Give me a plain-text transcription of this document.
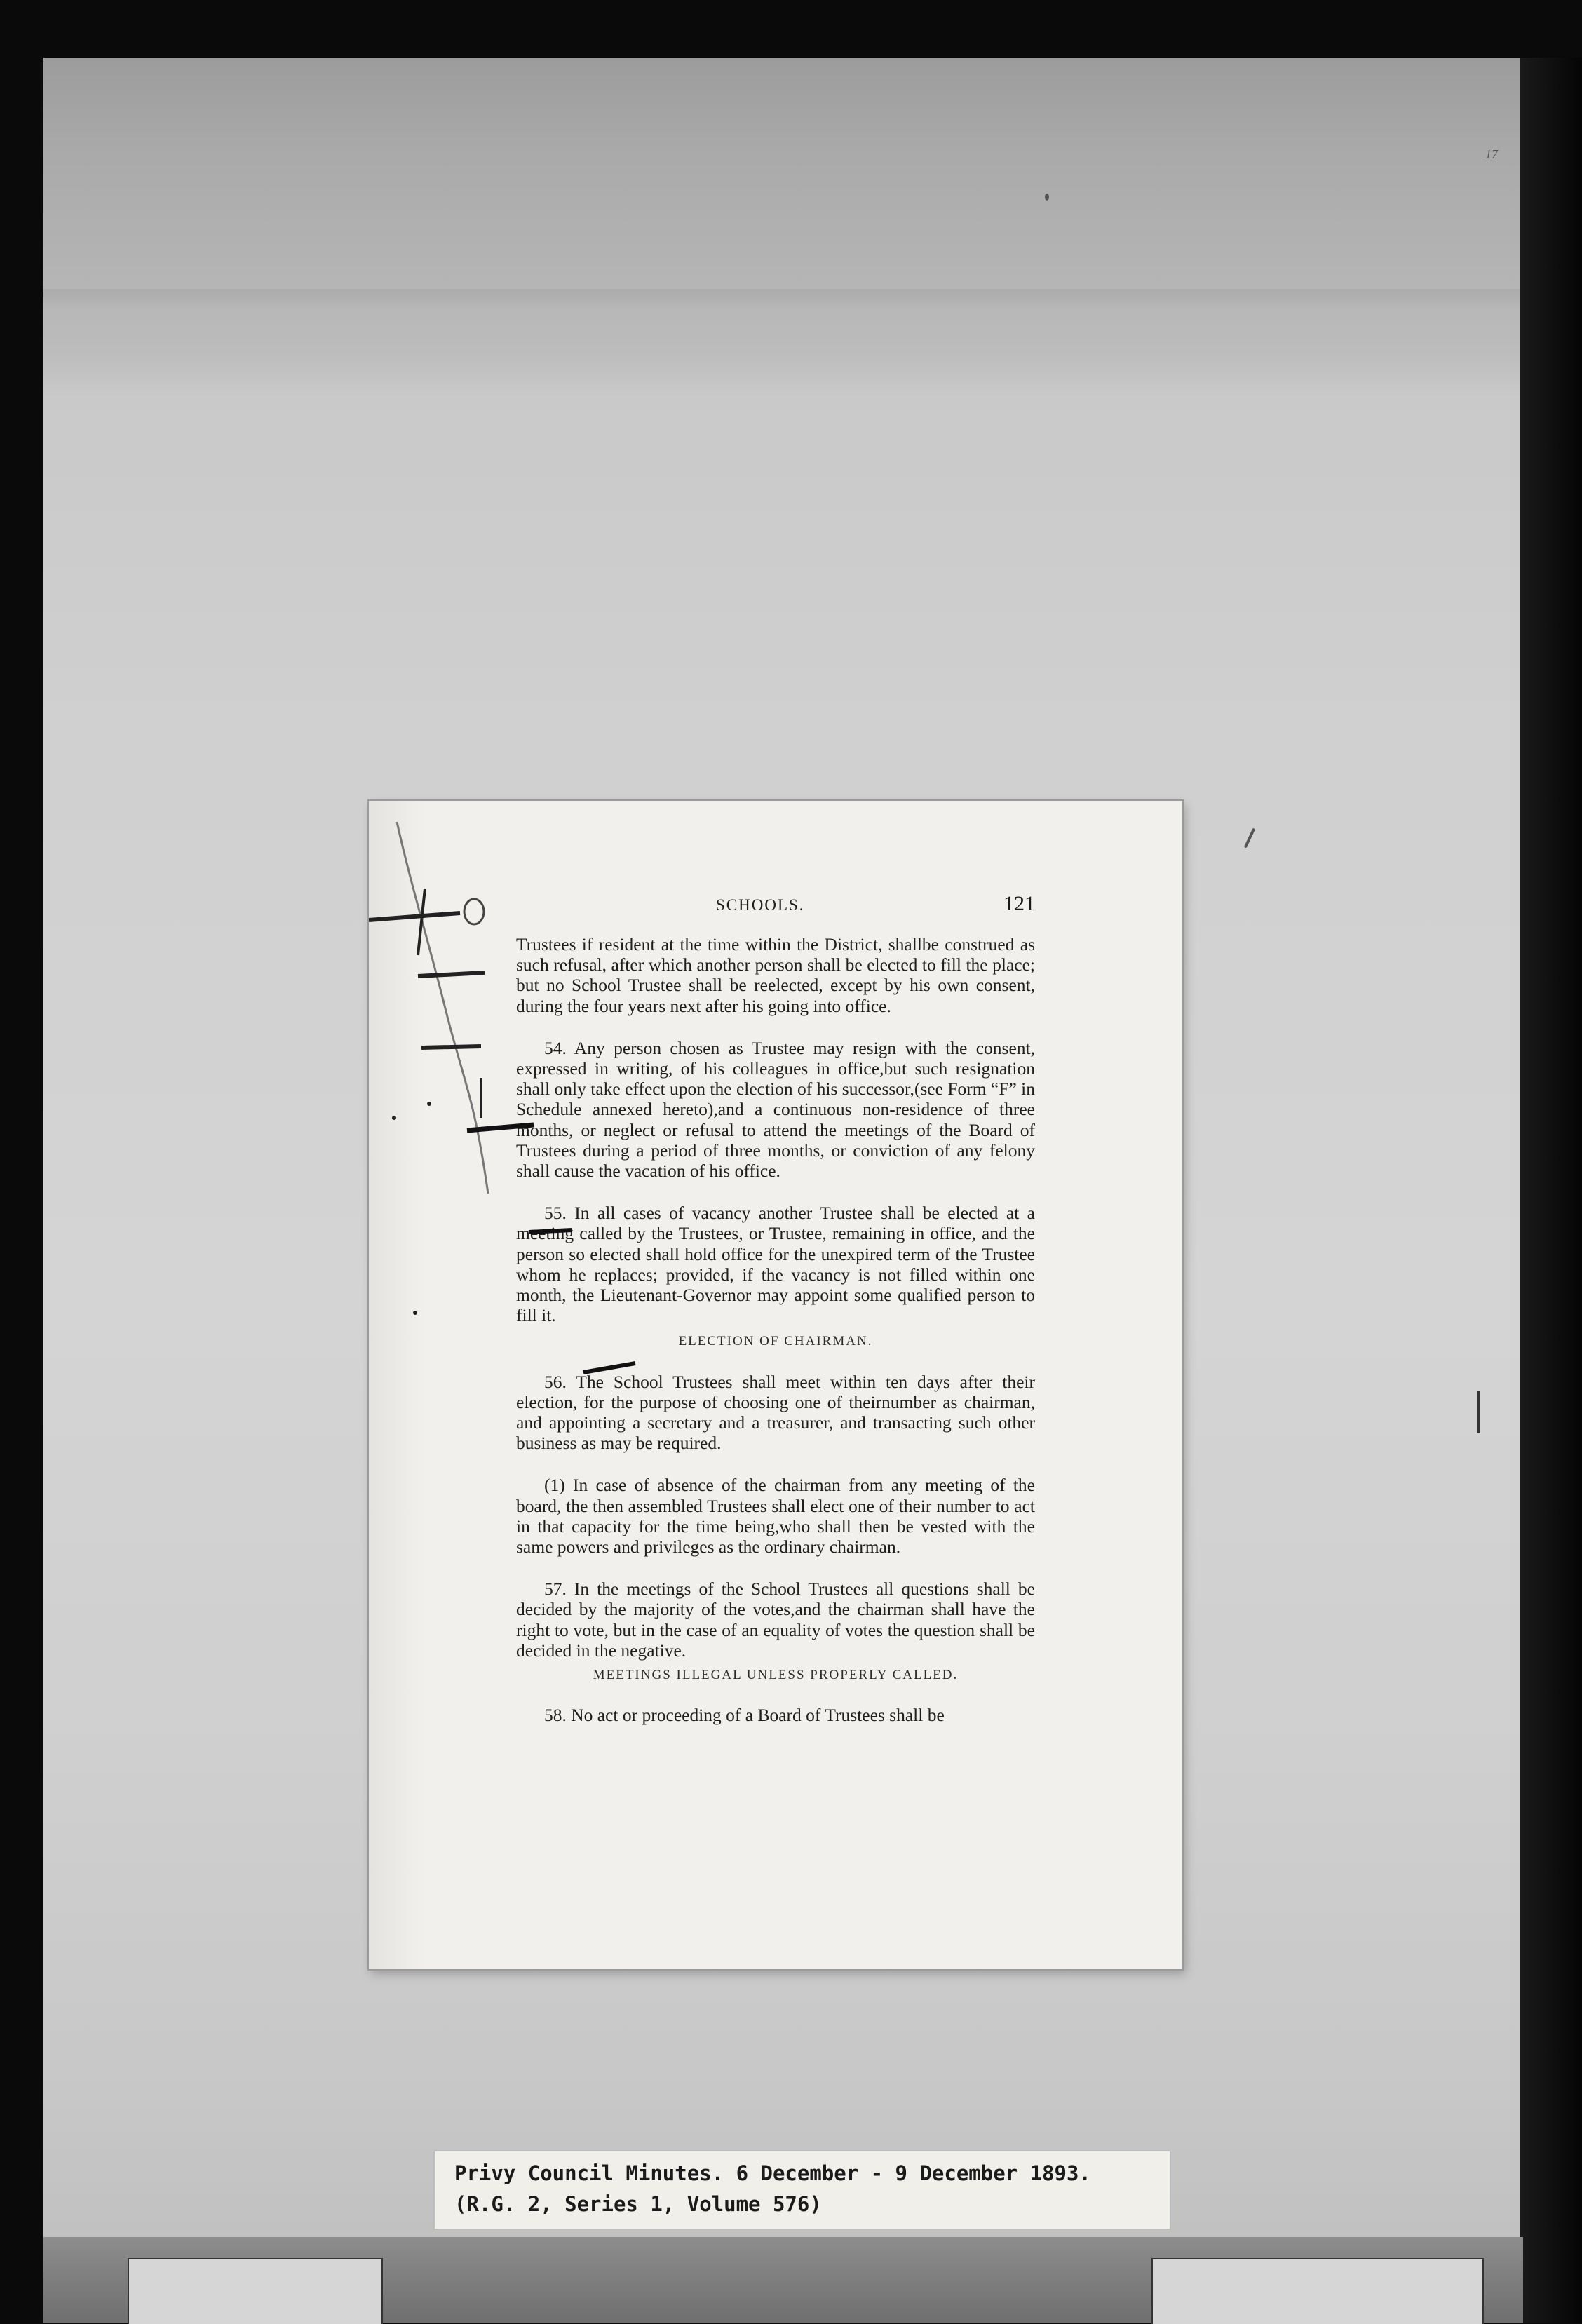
17
SCHOOLS.	121

Trustees if resident at the time within the District, shallbe construed as such refusal, after which another person shall be elected to fill the place; but no School Trustee shall be reelected, except by his own consent, during the four years next after his going into office.

54. Any person chosen as Trustee may resign with the consent, expressed in writing, of his colleagues in office,but such resignation shall only take effect upon the election of his successor,(see Form “F” in Schedule annexed hereto),and a continuous non-residence of three months, or neglect or refusal to attend the meetings of the Board of Trustees during a period of three months, or conviction of any felony shall cause the vacation of his office.

55. In all cases of vacancy another Trustee shall be elected at a meeting called by the Trustees, or Trustee, remaining in office, and the person so elected shall hold office for the unexpired term of the Trustee whom he replaces; provided, if the vacancy is not filled within one month, the Lieutenant-Governor may appoint some qualified person to fill it.

ELECTION OF CHAIRMAN.

56. The School Trustees shall meet within ten days after their election, for the purpose of choosing one of theirnumber as chairman, and appointing a secretary and a treasurer, and transacting such other business as may be required.

(1) In case of absence of the chairman from any meeting of the board, the then assembled Trustees shall elect one of their number to act in that capacity for the time being,who shall then be vested with the same powers and privileges as the ordinary chairman.

57. In the meetings of the School Trustees all questions shall be decided by the majority of the votes,and the chairman shall have the right to vote, but in the case of an equality of votes the question shall be decided in the negative.

MEETINGS ILLEGAL UNLESS PROPERLY CALLED.

58. No act or proceeding of a Board of Trustees shall be

Privy Council Minutes. 6 December - 9 December 1893.
(R.G. 2, Series 1, Volume 576)
